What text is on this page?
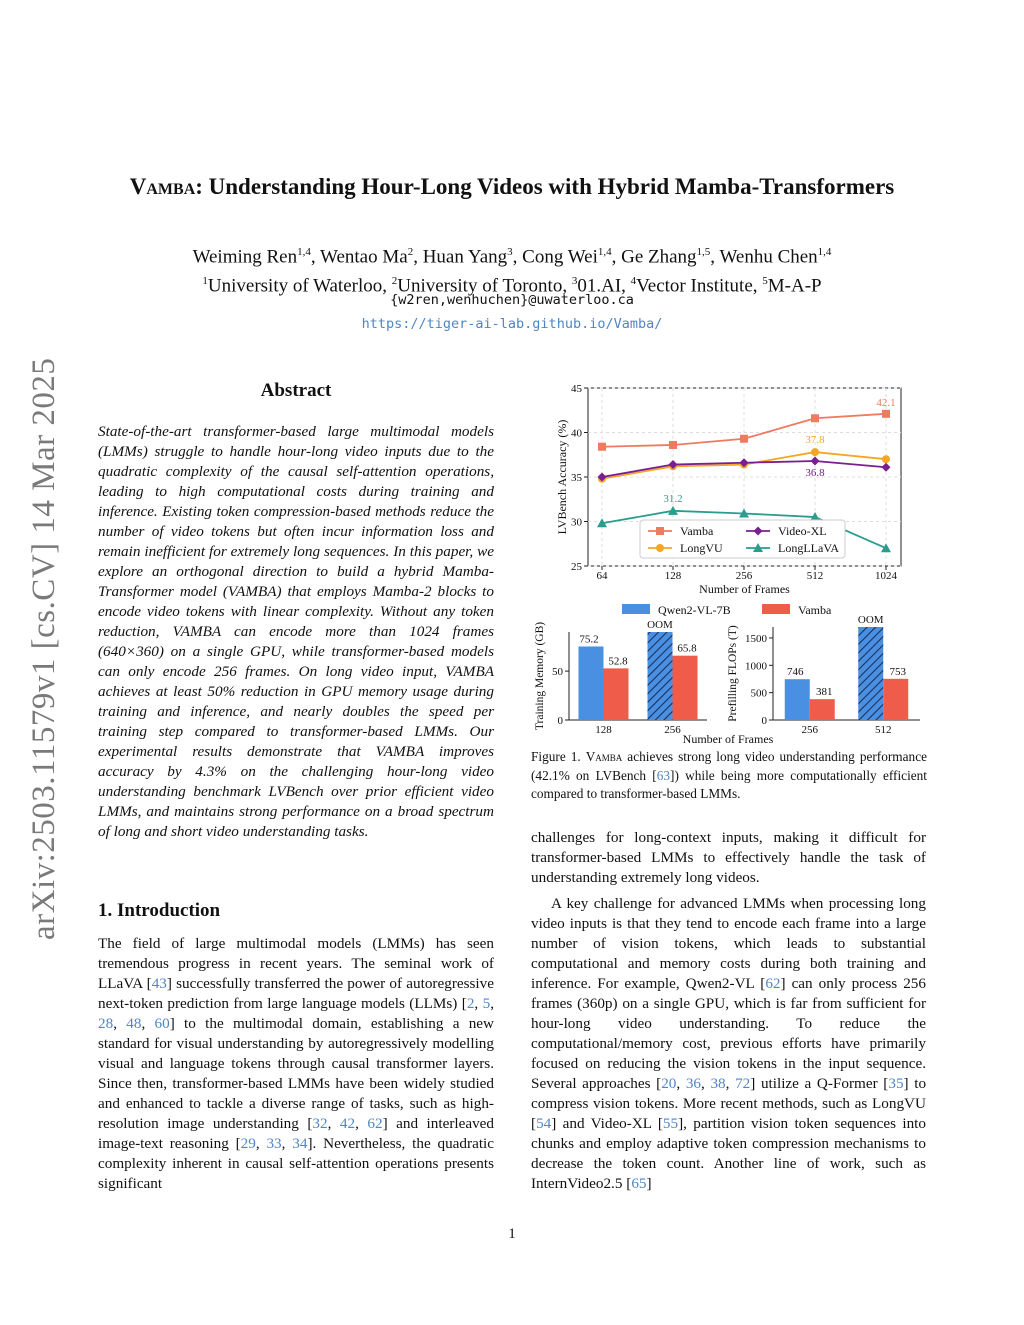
arXiv:2503.11579v1 [cs.CV] 14 Mar 2025
Vamba: Understanding Hour-Long Videos with Hybrid Mamba-Transformers
Weiming Ren$^{1,4}$, Wentao Ma$^2$, Huan Yang$^3$, Cong Wei$^{1,4}$, Ge Zhang$^{1,5}$, Wenhu Chen$^{1,4}$
$^1$University of Waterloo, $^2$University of Toronto, $^3$01.AI, $^4$Vector Institute, $^5$M-A-P
{w2ren,wenhuchen}@uwaterloo.ca
https://tiger-ai-lab.github.io/Vamba/
Abstract

State-of-the-art transformer-based large multimodal models (LMMs) struggle to handle hour-long video inputs due to the quadratic complexity of the causal self-attention operations, leading to high computational costs during training and inference. Existing token compression-based methods reduce the number of video tokens but often incur information loss and remain inefficient for extremely long sequences. In this paper, we explore an orthogonal direction to build a hybrid Mamba-Transformer model (VAMBA) that employs Mamba-2 blocks to encode video tokens with linear complexity. Without any token reduction, VAMBA can encode more than 1024 frames (640×360) on a single GPU, while transformer-based models can only encode 256 frames. On long video input, VAMBA achieves at least 50% reduction in GPU memory usage during training and inference, and nearly doubles the speed per training step compared to transformer-based LMMs. Our experimental results demonstrate that VAMBA improves accuracy by 4.3% on the challenging hour-long video understanding benchmark LVBench over prior efficient video LMMs, and maintains strong performance on a broad spectrum of long and short video understanding tasks.

1. Introduction

The field of large multimodal models (LMMs) has seen tremendous progress in recent years. The seminal work of LLaVA [43] successfully transferred the power of autoregressive next-token prediction from large language models (LLMs) [2, 5, 28, 48, 60] to the multimodal domain, establishing a new standard for visual understanding by autoregressively modelling visual and language tokens through causal transformer layers. Since then, transformer-based LMMs have been widely studied and enhanced to tackle a diverse range of tasks, such as high-resolution image understanding [32, 42, 62] and interleaved image-text reasoning [29, 33, 34]. Nevertheless, the quadratic complexity inherent in causal self-attention operations presents significant

challenges for long-context inputs, making it difficult for transformer-based LMMs to effectively handle the task of understanding extremely long videos.

A key challenge for advanced LMMs when processing long video inputs is that they tend to encode each frame into a large number of vision tokens, which leads to substantial computational and memory costs during both training and inference. For example, Qwen2-VL [62] can only process 256 frames (360p) on a single GPU, which is far from sufficient for hour-long video understanding. To reduce the computational/memory cost, previous efforts have primarily focused on reducing the vision tokens in the input sequence. Several approaches [20, 36, 38, 72] utilize a Q-Former [35] to compress vision tokens. More recent methods, such as LongVU [54] and Video-XL [55], partition vision token sequences into chunks and employ adaptive token compression mechanisms to decrease the token count. Another line of work, such as InternVideo2.5 [65]

Figure 1. Vamba achieves strong long video understanding performance (42.1% on LVBench [63]) while being more computationally efficient compared to transformer-based LMMs.

1
25
30
35
40
45
64	128	256	512	1024
Number of Frames
LVBench Accuracy (%)
42.1
37.8
36.8
31.2
Vamba
LongVU
Video-XL
LongLLaVA
0
50
128
75.2
52.8
256
OOM
65.8
Training Memory (GB)	0
500
1000
1500
256
746
381
512
OOM
753
Prefilling FLOPs (T)
Number of Frames
Qwen2-VL-7B	Vamba
